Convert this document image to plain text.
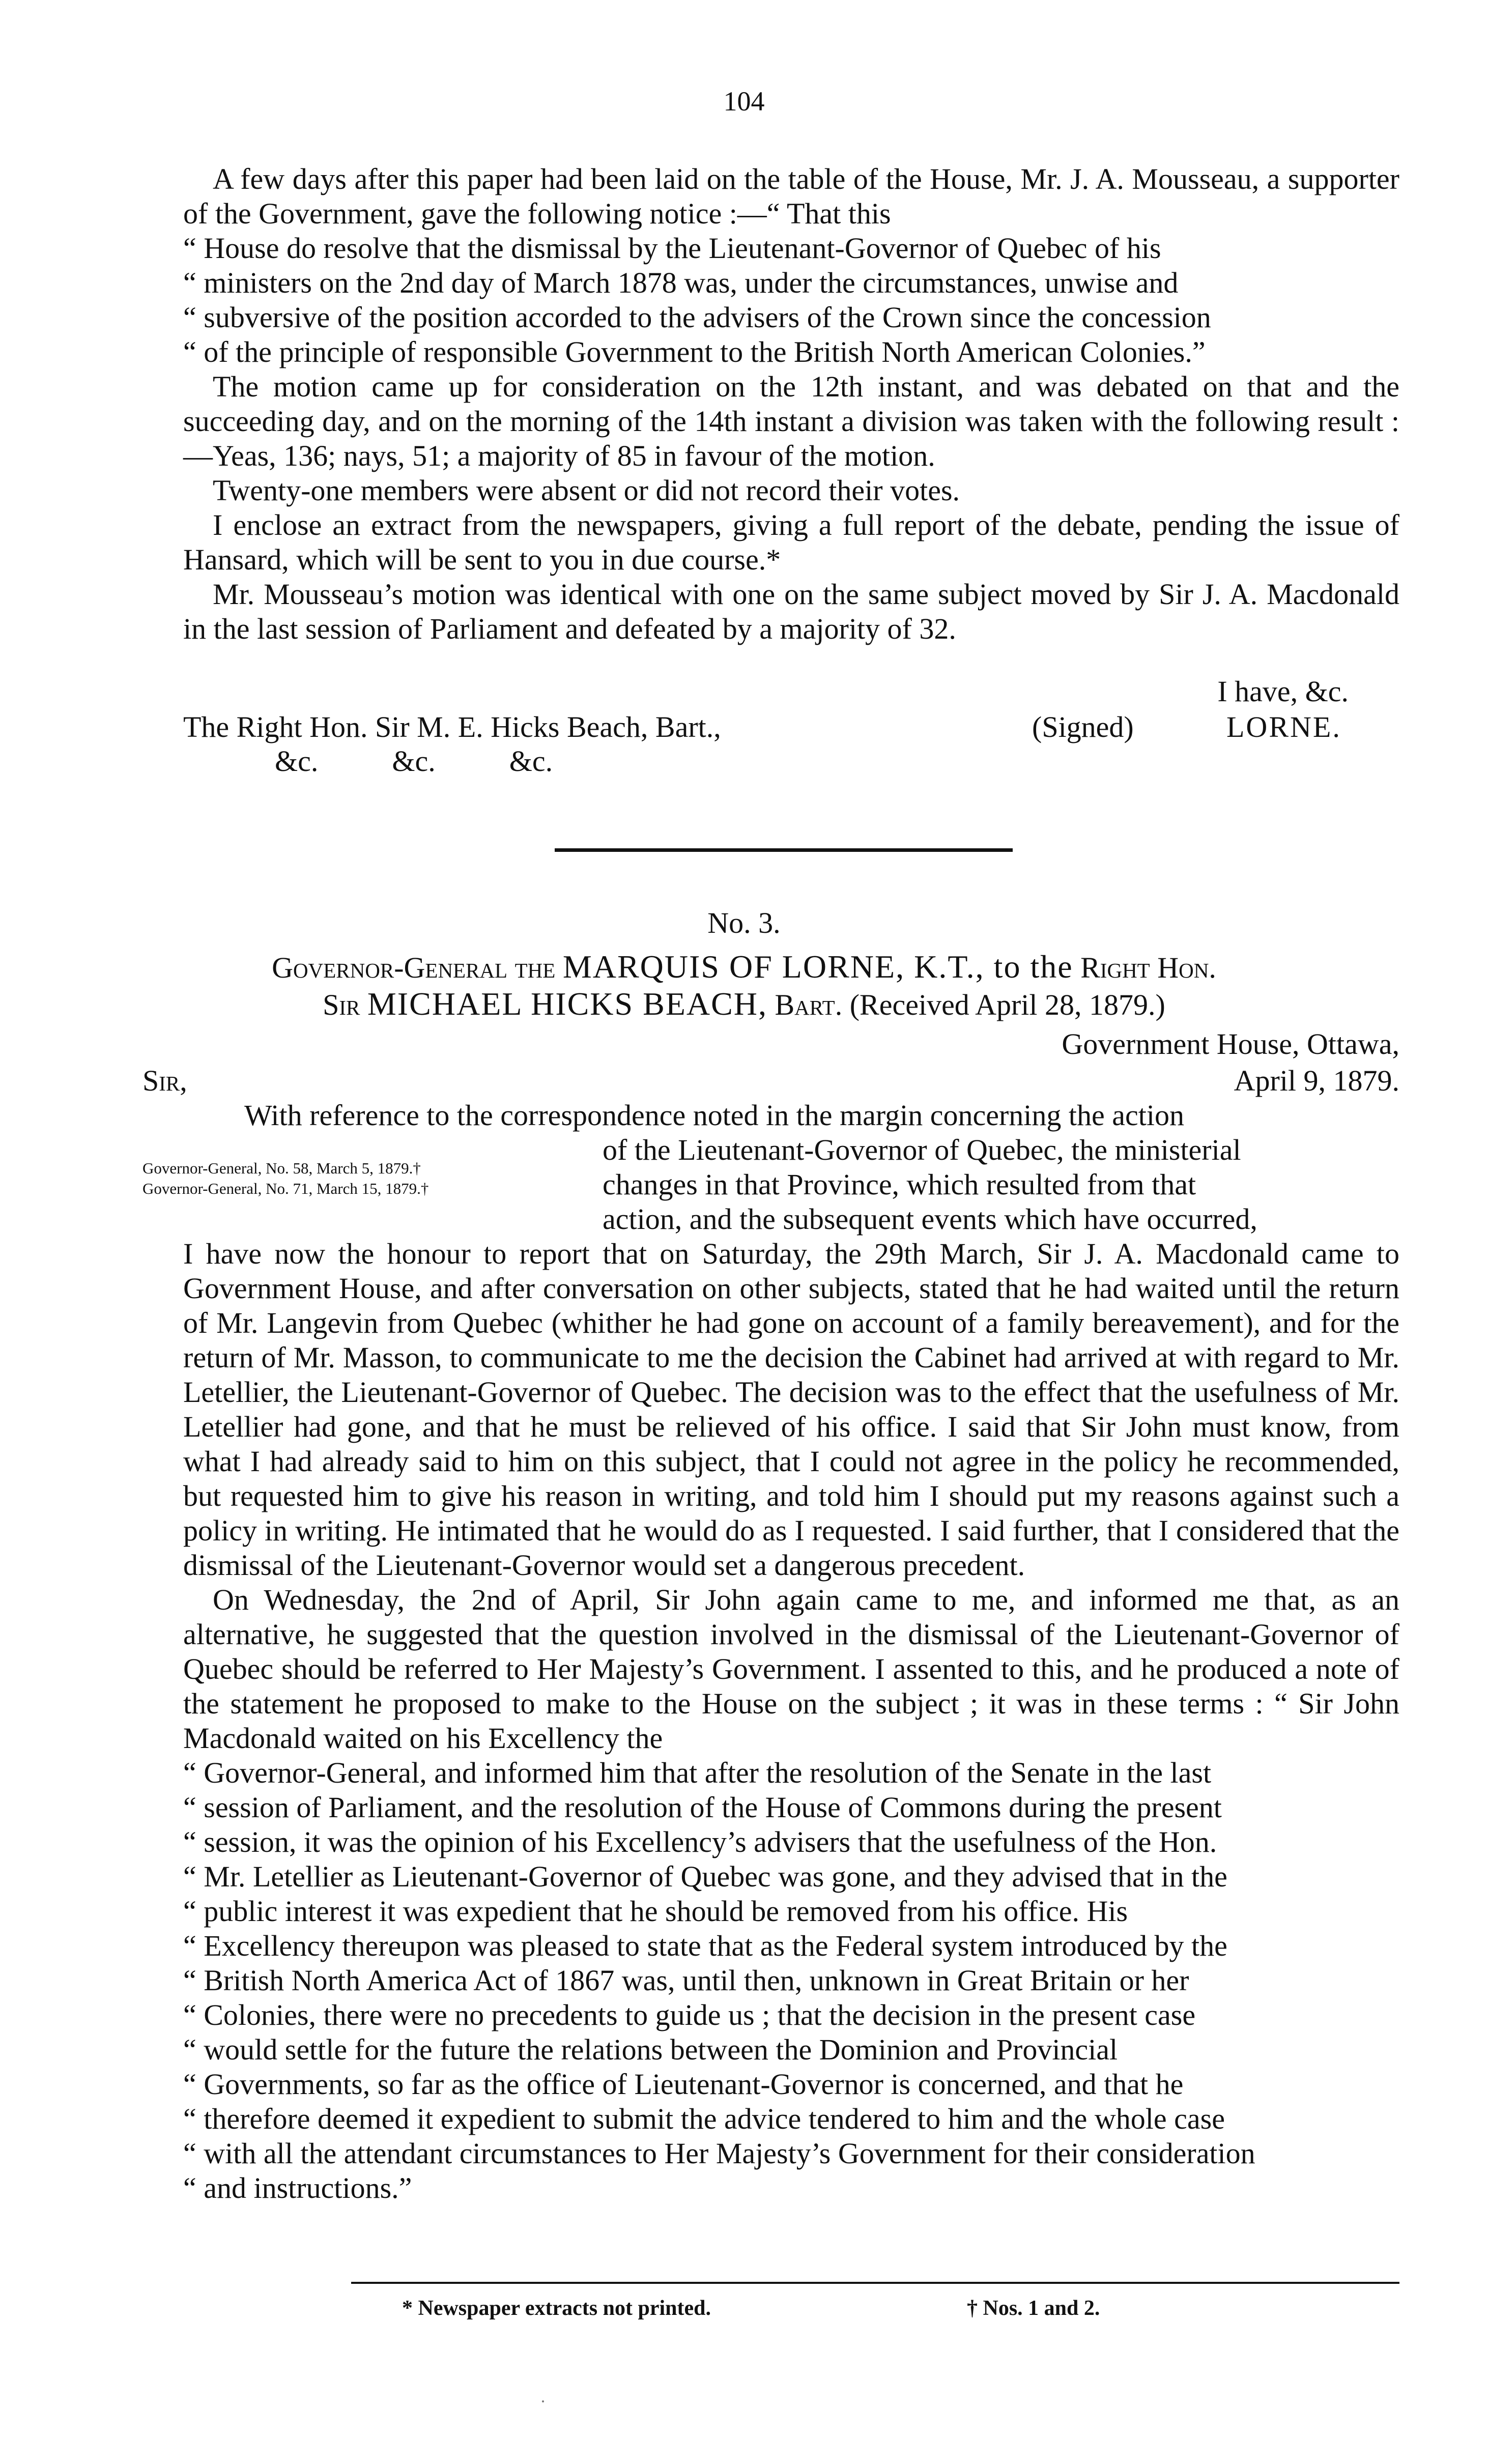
104

A few days after this paper had been laid on the table of the House, Mr. J. A. Mousseau, a supporter of the Government, gave the following notice :—“ That this

“ House do resolve that the dismissal by the Lieutenant-Governor of Quebec of his

“ ministers on the 2nd day of March 1878 was, under the circumstances, unwise and

“ subversive of the position accorded to the advisers of the Crown since the concession

“ of the principle of responsible Government to the British North American Colonies.”

The motion came up for consideration on the 12th instant, and was debated on that and the succeeding day, and on the morning of the 14th instant a division was taken with the following result :—Yeas, 136; nays, 51; a majority of 85 in favour of the motion.

Twenty-one members were absent or did not record their votes.

I enclose an extract from the newspapers, giving a full report of the debate, pending the issue of Hansard, which will be sent to you in due course.*

Mr. Mousseau’s motion was identical with one on the same subject moved by Sir J. A. Macdonald in the last session of Parliament and defeated by a majority of 32.

I have, &c.
The Right Hon. Sir M. E. Hicks Beach, Bart.,	(Signed)	LORNE.
&c.          &c.          &c.
No. 3.
Governor-General the MARQUIS OF LORNE, K.T., to the Right Hon.
Sir MICHAEL HICKS BEACH, Bart. (Received April 28, 1879.)
Government House, Ottawa,
Sir,	April 9, 1879.

With reference to the correspondence noted in the margin concerning the action

of the Lieutenant-Governor of Quebec, the ministerial

changes in that Province, which resulted from that

action, and the subsequent events which have occurred,

Governor-General, No. 58, March 5, 1879.†
Governor-General, No. 71, March 15, 1879.†

I have now the honour to report that on Saturday, the 29th March, Sir J. A. Macdonald came to Government House, and after conversation on other subjects, stated that he had waited until the return of Mr. Langevin from Quebec (whither he had gone on account of a family bereavement), and for the return of Mr. Masson, to communicate to me the decision the Cabinet had arrived at with regard to Mr. Letellier, the Lieutenant-Governor of Quebec. The decision was to the effect that the usefulness of Mr. Letellier had gone, and that he must be relieved of his office. I said that Sir John must know, from what I had already said to him on this subject, that I could not agree in the policy he recommended, but requested him to give his reason in writing, and told him I should put my reasons against such a policy in writing. He intimated that he would do as I requested. I said further, that I considered that the dismissal of the Lieutenant-Governor would set a dangerous precedent.

On Wednesday, the 2nd of April, Sir John again came to me, and informed me that, as an alternative, he suggested that the question involved in the dismissal of the Lieutenant-Governor of Quebec should be referred to Her Majesty’s Government. I assented to this, and he produced a note of the statement he proposed to make to the House on the subject ; it was in these terms : “ Sir John Macdonald waited on his Excellency the

“ Governor-General, and informed him that after the resolution of the Senate in the last

“ session of Parliament, and the resolution of the House of Commons during the present

“ session, it was the opinion of his Excellency’s advisers that the usefulness of the Hon.

“ Mr. Letellier as Lieutenant-Governor of Quebec was gone, and they advised that in the

“ public interest it was expedient that he should be removed from his office. His

“ Excellency thereupon was pleased to state that as the Federal system introduced by the

“ British North America Act of 1867 was, until then, unknown in Great Britain or her

“ Colonies, there were no precedents to guide us ; that the decision in the present case

“ would settle for the future the relations between the Dominion and Provincial

“ Governments, so far as the office of Lieutenant-Governor is concerned, and that he

“ therefore deemed it expedient to submit the advice tendered to him and the whole case

“ with all the attendant circumstances to Her Majesty’s Government for their consideration

“ and instructions.”

* Newspaper extracts not printed.	† Nos. 1 and 2.
